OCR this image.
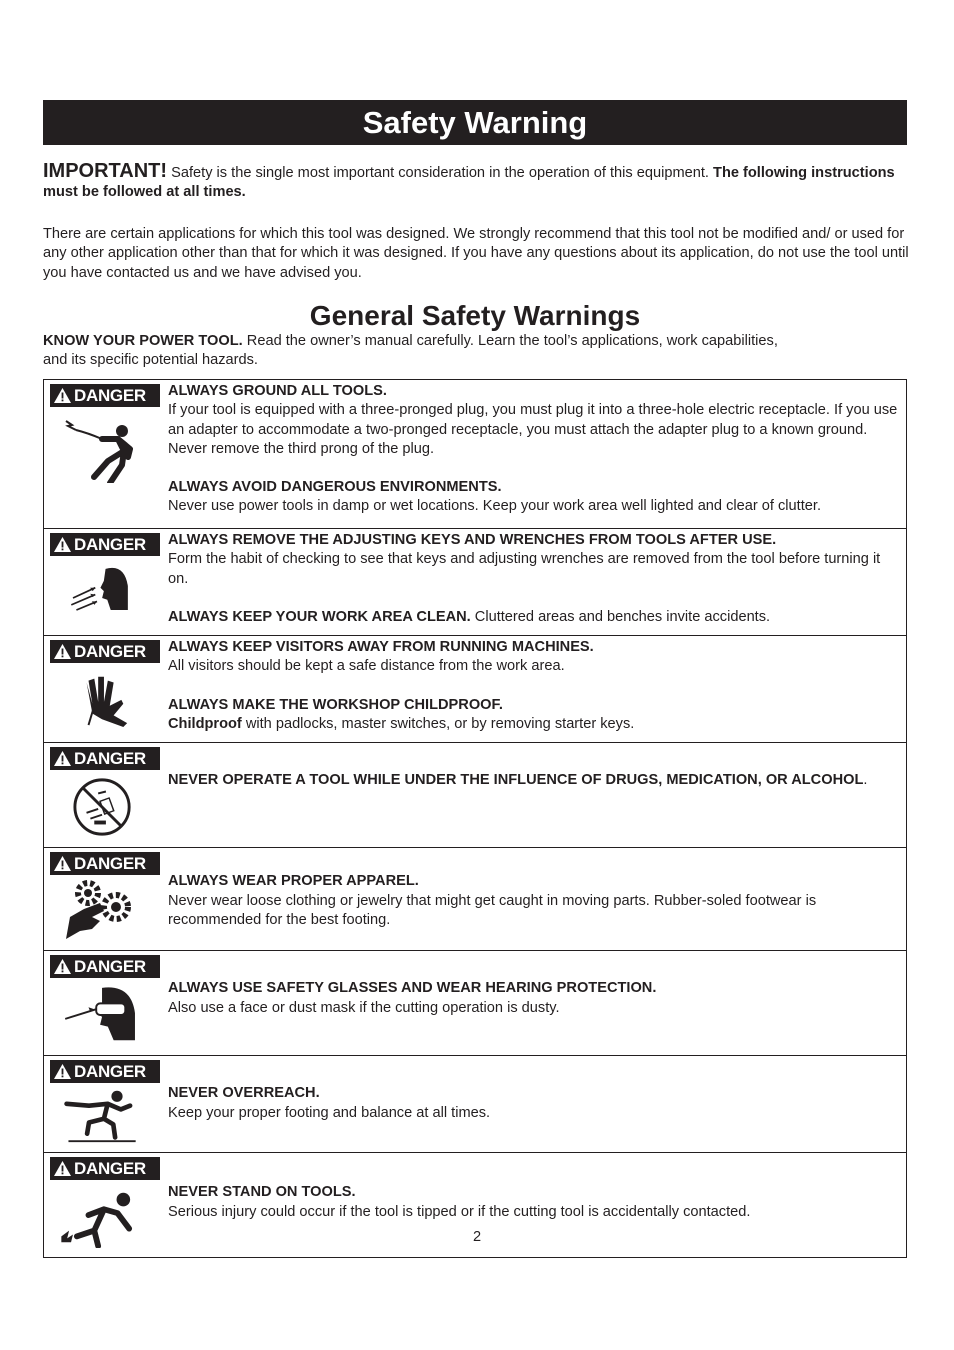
Safety Warning
IMPORTANT! Safety is the single most important consideration in the operation of this equipment. The following instructions must be followed at all times.
There are certain applications for which this tool was designed. We strongly recommend that this tool not be modified and/ or used for any other application other than that for which it was designed. If you have any questions about its application, do not use the tool until you have contacted us and we have advised you.
General Safety Warnings
KNOW YOUR POWER TOOL. Read the owner’s manual carefully. Learn the tool’s applications, work capabilities, and its specific potential hazards.
DANGER	ALWAYS GROUND ALL TOOLS.
If your tool is equipped with a three-pronged plug, you must plug it into a three-hole electric receptacle. If you use an adapter to accommodate a two-pronged receptacle, you must attach the adapter plug to a known ground. Never remove the third prong of the plug.
ALWAYS AVOID DANGEROUS ENVIRONMENTS.
Never use power tools in damp or wet locations. Keep your work area well lighted and clear of clutter.

DANGER	ALWAYS REMOVE THE ADJUSTING KEYS AND WRENCHES FROM TOOLS AFTER USE.
Form the habit of checking to see that keys and adjusting wrenches are removed from the tool before turning it on.
ALWAYS KEEP YOUR WORK AREA CLEAN. Cluttered areas and benches invite accidents.

DANGER	ALWAYS KEEP VISITORS AWAY FROM RUNNING MACHINES.
All visitors should be kept a safe distance from the work area.
ALWAYS MAKE THE WORKSHOP CHILDPROOF.
Childproof with padlocks, master switches, or by removing starter keys.

DANGER	NEVER OPERATE A TOOL WHILE UNDER THE INFLUENCE OF DRUGS, MEDICATION, OR ALCOHOL.

DANGER	ALWAYS WEAR PROPER APPAREL.
Never wear loose clothing or jewelry that might get caught in moving parts. Rubber-soled footwear is recommended for the best footing.

DANGER	ALWAYS USE SAFETY GLASSES AND WEAR HEARING PROTECTION.
Also use a face or dust mask if the cutting operation is dusty.

DANGER	NEVER OVERREACH.
Keep your proper footing and balance at all times.

DANGER	NEVER STAND ON TOOLS.
Serious injury could occur if the tool is tipped or if the cutting tool is accidentally contacted.
2
